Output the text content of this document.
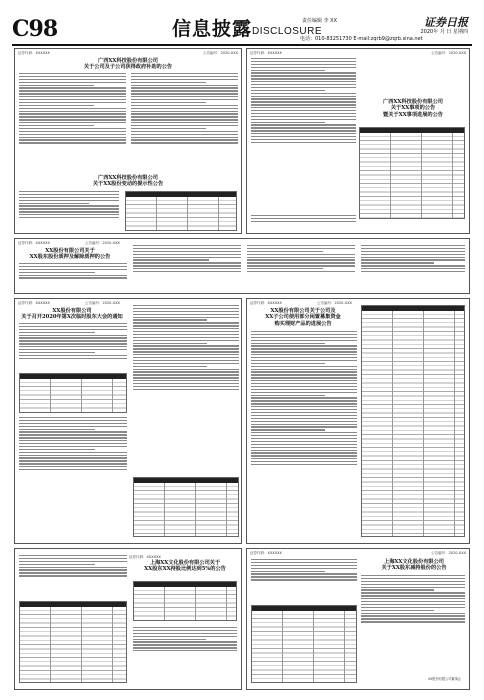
C98	信息披露DISCLOSURE
责任编辑 李 XX	证券日报
2020年 月 日 星期四
电话：010-83251730 E-mail:zqrb9@zqrb.sina.net
证券代码：XXXXXX	公告编号：2020-XXX
广西XX科技股份有限公司
关于公司及子公司获得政府补助的公告
广西XX科技股份有限公司
关于XX股份变动的提示性公告
证券代码：XXXXXX	公告编号：2020-XXX
广西XX科技股份有限公司
关于XX事项的公告
暨关于XX事项进展的公告
证券代码：XXXXXX	公告编号：2020-XXX
XX股份有限公司关于
XX股东股份质押及解除质押的公告
证券代码：XXXXXX	公告编号：2020-XXX
XX股份有限公司
关于召开2020年第X次临时股东大会的通知
证券代码：XXXXXX	公告编号：2020-XXX
XX股份有限公司关于公司及
XX子公司使用部分闲置募集资金
购买理财产品的进展公告
证券代码：XXXXXX
上海XX文化股份有限公司关于
XX股东XX持股比例达到5%的公告
证券代码：XXXXXX	公告编号：2020-XXX
上海XX文化股份有限公司
关于XX股东减持股份的公告
XX股份有限公司董事会
